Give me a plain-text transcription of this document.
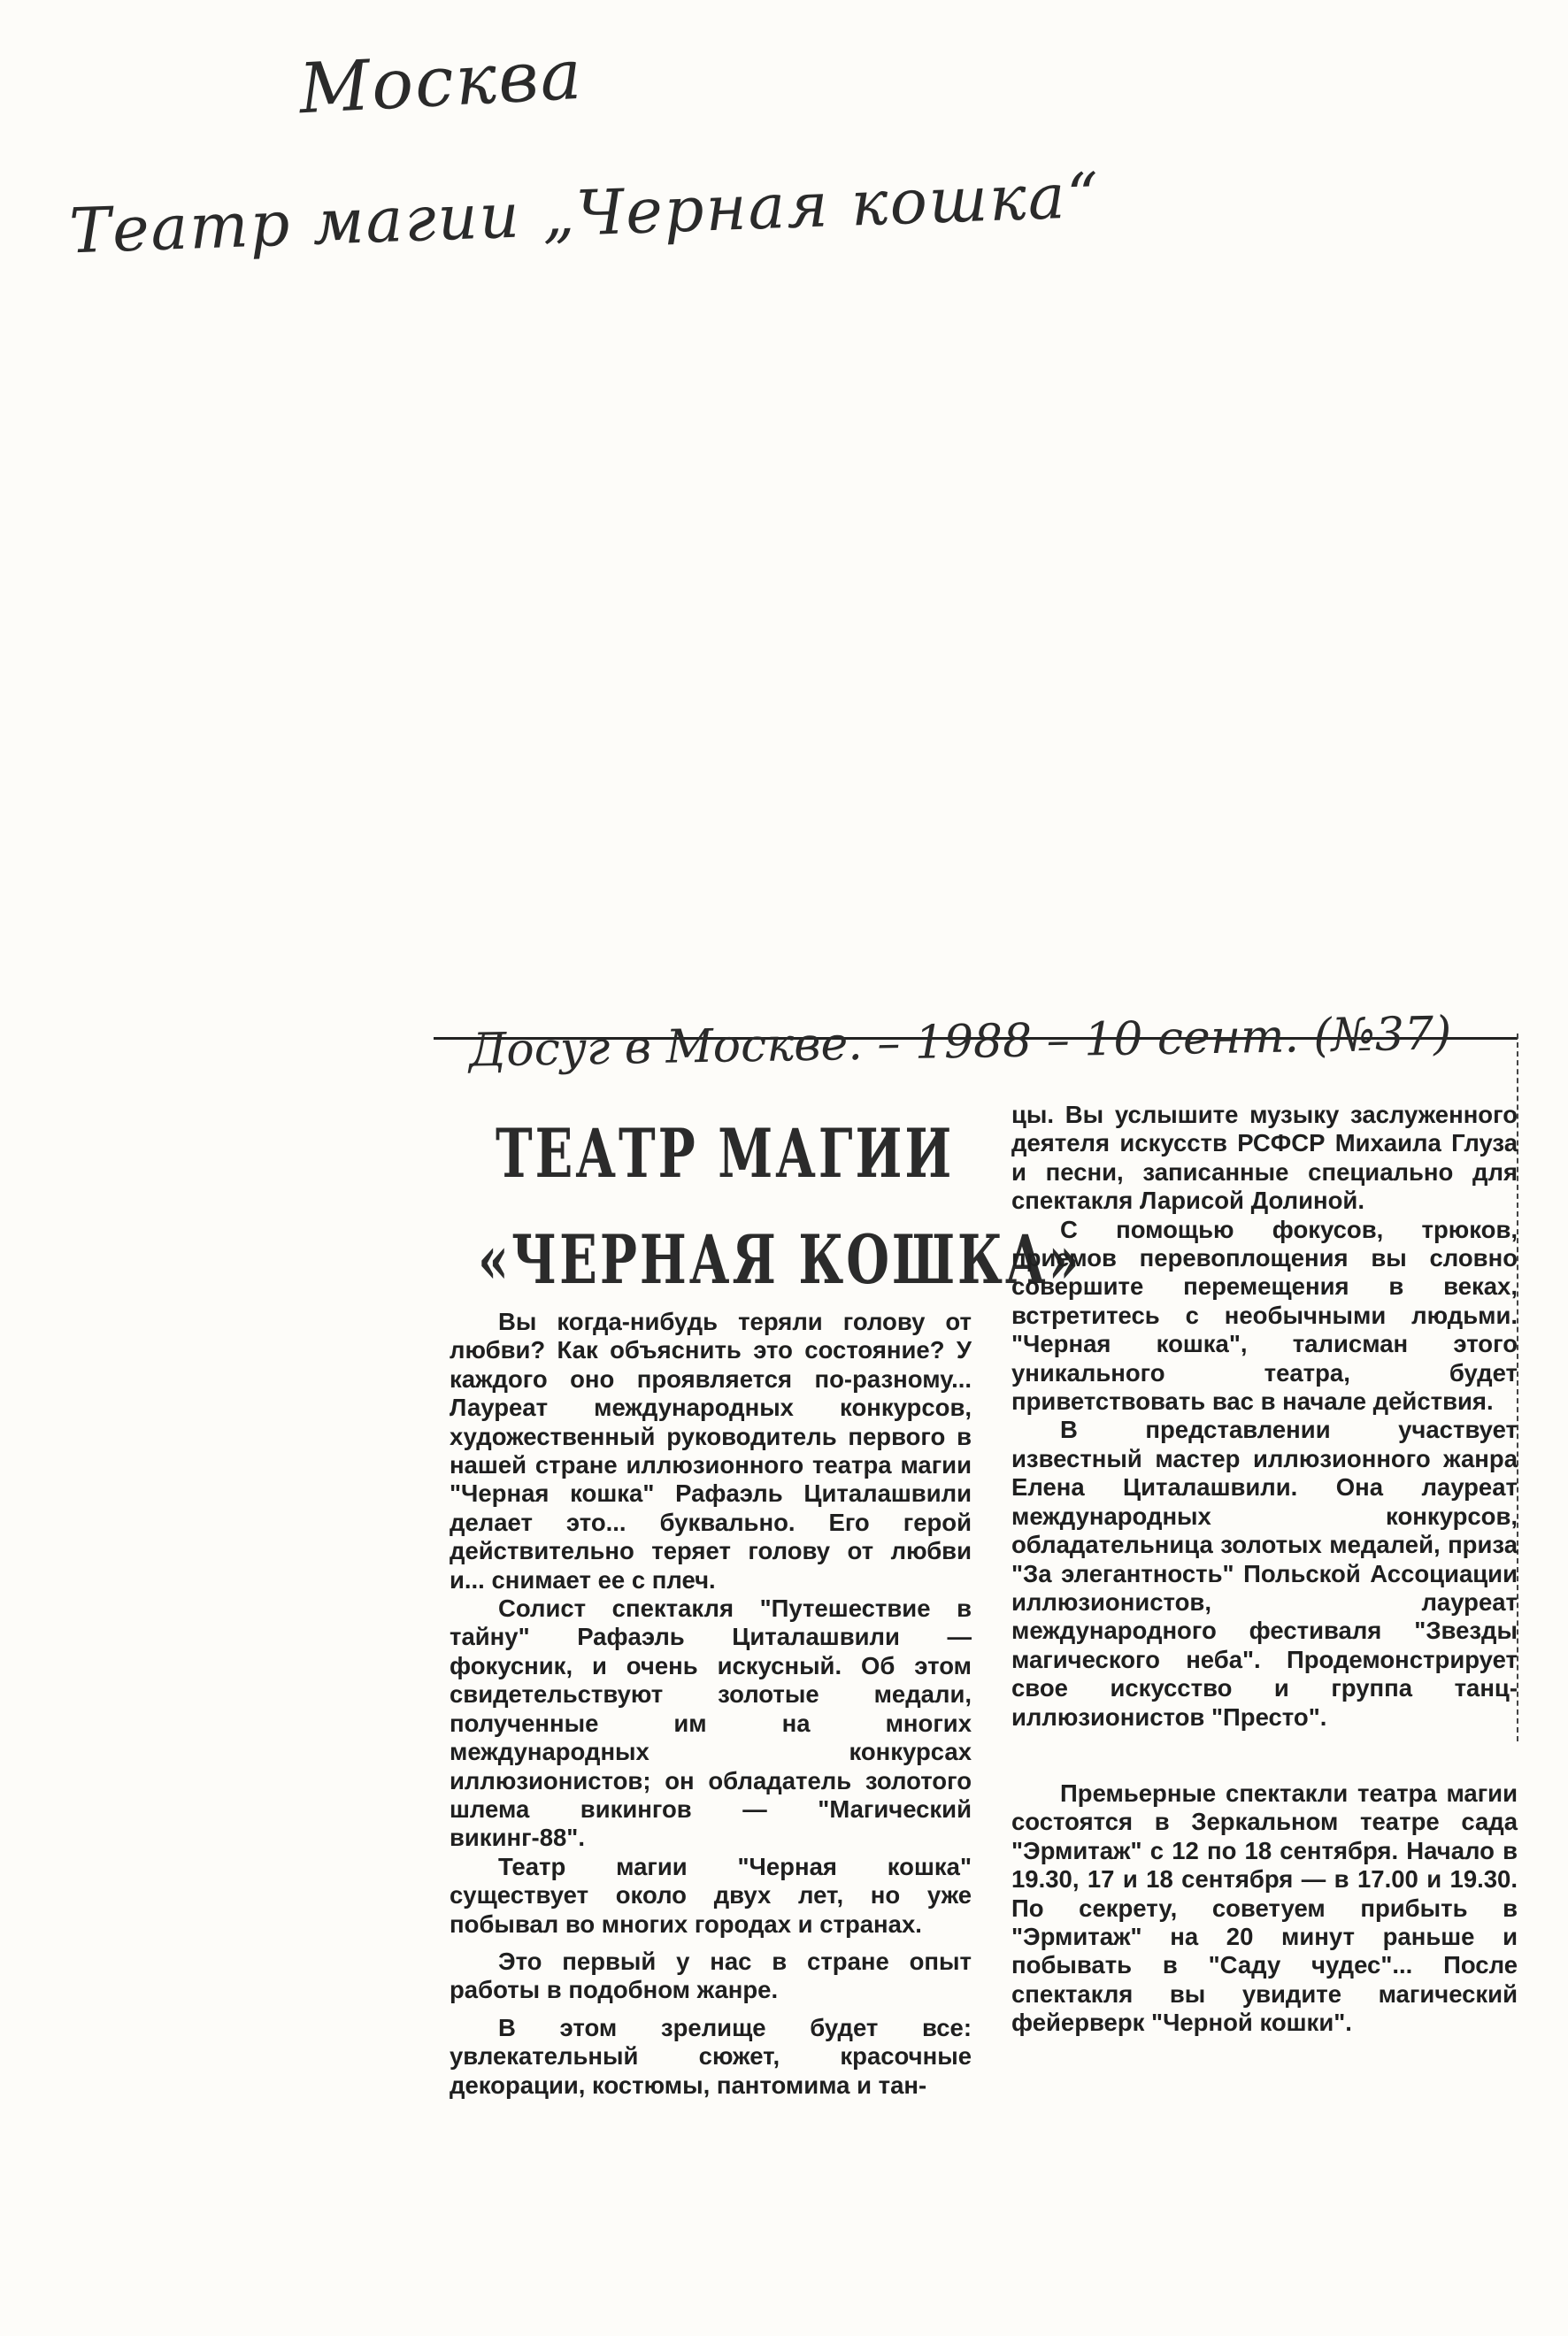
Москва
Театр магии „Черная кошка“
Досуг в Москве. – 1988 – 10 сент. (№37)
ТЕАТР МАГИИ
«ЧЕРНАЯ КОШКА»

Вы когда-нибудь теряли голову от любви? Как объяснить это состояние? У каждого оно проявляется по-разному... Лауреат международных конкурсов, художественный руководитель первого в нашей стране иллюзионного театра магии "Черная кошка" Рафаэль Циталашвили делает это... буквально. Его герой действительно теряет голову от любви и... снимает ее с плеч.

Солист спектакля "Путешествие в тайну" Рафаэль Циталашвили — фокусник, и очень искусный. Об этом свидетельствуют золотые медали, полученные им на многих международных конкурсах иллюзионистов; он обладатель золотого шлема викингов — "Магический викинг-88".

Театр магии "Черная кошка" существует около двух лет, но уже побывал во многих городах и странах.

Это первый у нас в стране опыт работы в подобном жанре.

В этом зрелище будет все: увлекательный сюжет, красочные декорации, костюмы, пантомима и тан-

цы. Вы услышите музыку заслуженного деятеля искусств РСФСР Михаила Глуза и песни, записанные специально для спектакля Ларисой Долиной.

С помощью фокусов, трюков, приемов перевоплощения вы словно совершите перемещения в веках, встретитесь с необычными людьми. "Черная кошка", талисман этого уникального театра, будет приветствовать вас в начале действия.

В представлении участвует известный мастер иллюзионного жанра Елена Циталашвили. Она лауреат международных конкурсов, обладательница золотых медалей, приза "За элегантность" Польской Ассоциации иллюзионистов, лауреат международного фестиваля "Звезды магического неба". Продемонстрирует свое искусство и группа танц-иллюзионистов "Престо".

Премьерные спектакли театра магии состоятся в Зеркальном театре сада "Эрмитаж" с 12 по 18 сентября. Начало в 19.30, 17 и 18 сентября — в 17.00 и 19.30. По секрету, советуем прибыть в "Эрмитаж" на 20 минут раньше и побывать в "Саду чудес"... После спектакля вы увидите магический фейерверк "Черной кошки".
